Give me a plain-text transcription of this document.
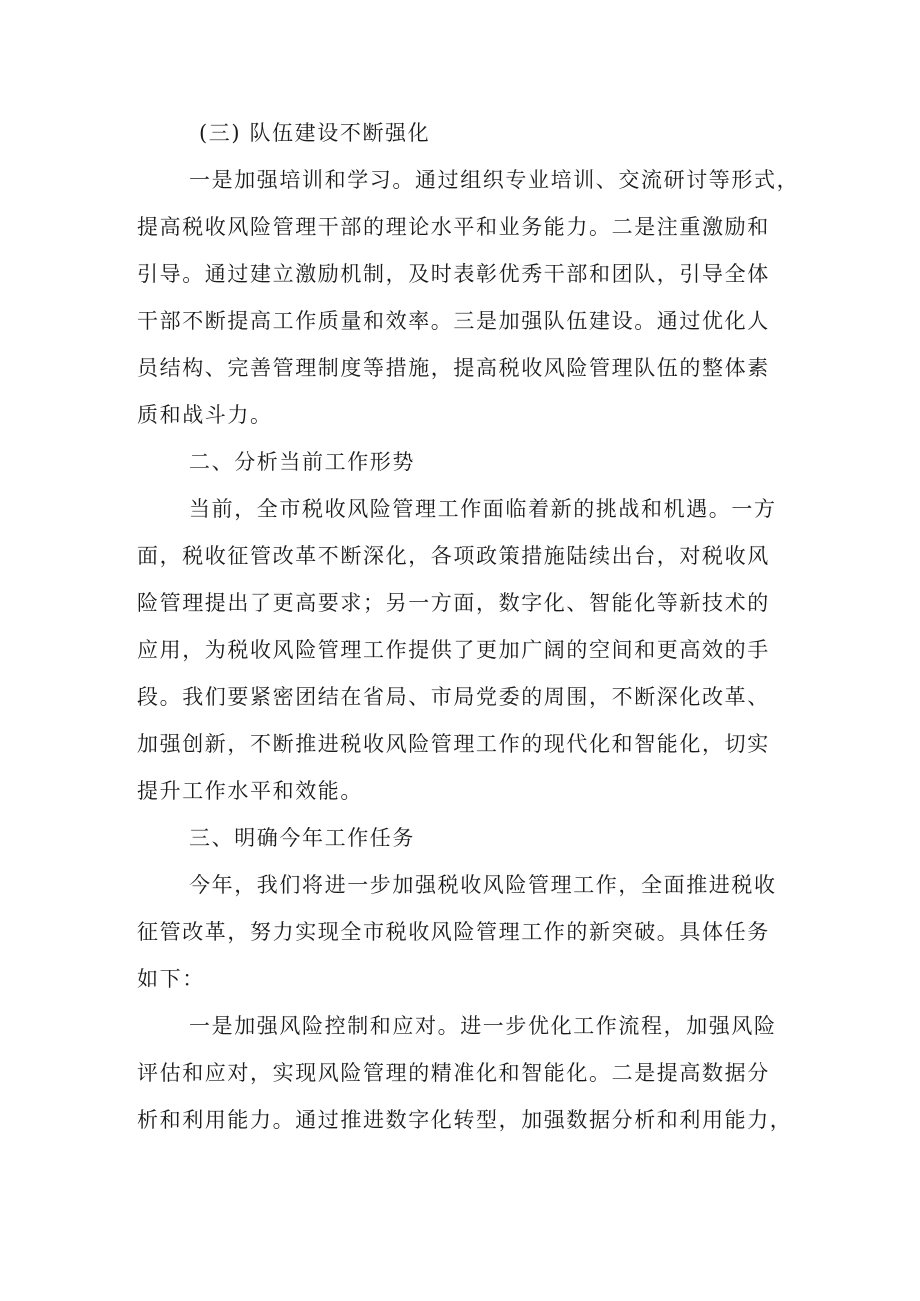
(三) 队伍建设不断强化
一是加强培训和学习。通过组织专业培训、交流研讨等形式，
提高税收风险管理干部的理论水平和业务能力。二是注重激励和
引导。通过建立激励机制，及时表彰优秀干部和团队，引导全体
干部不断提高工作质量和效率。三是加强队伍建设。通过优化人
员结构、完善管理制度等措施，提高税收风险管理队伍的整体素
质和战斗力。
二、分析当前工作形势
当前，全市税收风险管理工作面临着新的挑战和机遇。一方
面，税收征管改革不断深化，各项政策措施陆续出台，对税收风
险管理提出了更高要求；另一方面，数字化、智能化等新技术的
应用，为税收风险管理工作提供了更加广阔的空间和更高效的手
段。我们要紧密团结在省局、市局党委的周围，不断深化改革、
加强创新，不断推进税收风险管理工作的现代化和智能化，切实
提升工作水平和效能。
三、明确今年工作任务
今年，我们将进一步加强税收风险管理工作，全面推进税收
征管改革，努力实现全市税收风险管理工作的新突破。具体任务
如下：
一是加强风险控制和应对。进一步优化工作流程，加强风险
评估和应对，实现风险管理的精准化和智能化。二是提高数据分
析和利用能力。通过推进数字化转型，加强数据分析和利用能力，
